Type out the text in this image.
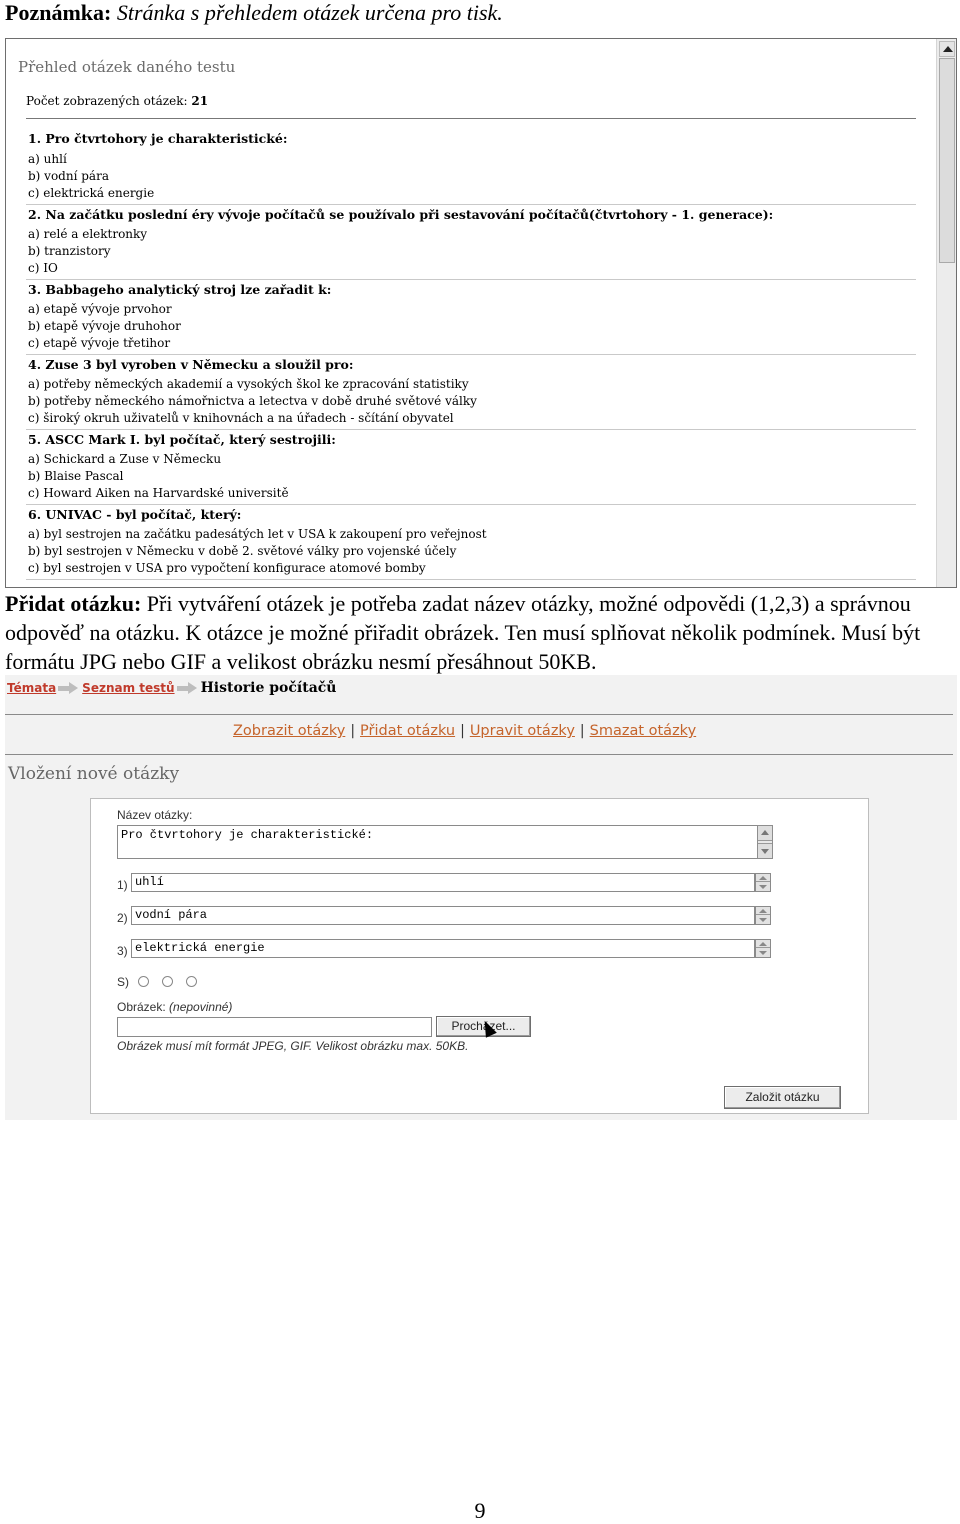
Poznámka: Stránka s přehledem otázek určena pro tisk.
Přehled otázek daného testu
Počet zobrazených otázek: 21
1. Pro čtvrtohory je charakteristické:
a) uhlí
b) vodní pára
c) elektrická energie
2. Na začátku poslední éry vývoje počítačů se používalo při sestavování počítačů(čtvrtohory - 1. generace):
a) relé a elektronky
b) tranzistory
c) IO
3. Babbageho analytický stroj lze zařadit k:
a) etapě vývoje prvohor
b) etapě vývoje druhohor
c) etapě vývoje třetihor
4. Zuse 3 byl vyroben v Německu a sloužil pro:
a) potřeby německých akademií a vysokých škol ke zpracování statistiky
b) potřeby německého námořnictva a letectva v době druhé světové války
c) široký okruh uživatelů v knihovnách a na úřadech - sčítání obyvatel
5. ASCC Mark I. byl počítač, který sestrojili:
a) Schickard a Zuse v Německu
b) Blaise Pascal
c) Howard Aiken na Harvardské universitě
6. UNIVAC - byl počítač, který:
a) byl sestrojen na začátku padesátých let v USA k zakoupení pro veřejnost
b) byl sestrojen v Německu v době 2. světové války pro vojenské účely
c) byl sestrojen v USA pro vypočtení konfigurace atomové bomby
Přidat otázku: Při vytváření otázek je potřeba zadat název otázky, možné odpovědi (1,2,3) a správnou odpověď na otázku. K otázce je možné přiřadit obrázek. Ten musí splňovat několik podmínek. Musí být formátu JPG nebo GIF a velikost obrázku nesmí přesáhnout 50KB.
Témata Seznam testů Historie počítačů
Zobrazit otázky | Přidat otázku | Upravit otázky | Smazat otázky
Vložení nové otázky
Název otázky:
Pro čtvrtohory je charakteristické:
1) uhlí
2) vodní pára
3) elektrická energie
S)
Obrázek: (nepovinné)
Procházet...
Obrázek musí mít formát JPEG, GIF. Velikost obrázku max. 50KB.
Založit otázku
9
